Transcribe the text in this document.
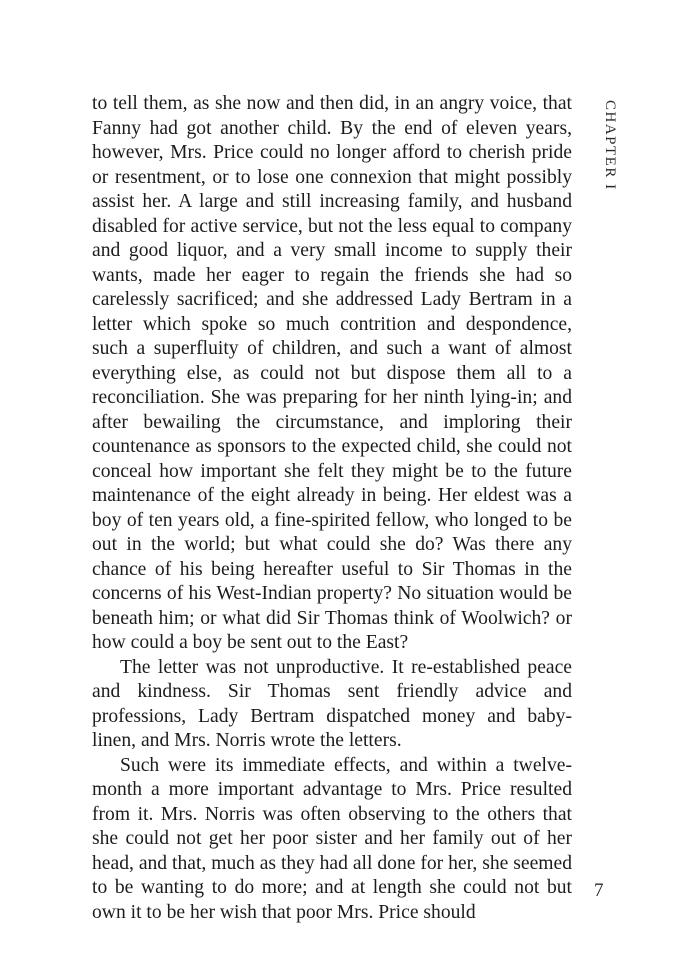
CHAPTER I

to tell them, as she now and then did, in an angry voice, that Fanny had got another child. By the end of eleven years, however, Mrs. Price could no longer afford to cherish pride or resentment, or to lose one connexion that might possibly assist her. A large and still increasing family, and husband disabled for active service, but not the less equal to company and good liquor, and a very small income to supply their wants, made her eager to regain the friends she had so carelessly sacrificed; and she addressed Lady Bertram in a letter which spoke so much contrition and despondence, such a superfluity of children, and such a want of almost everything else, as could not but dispose them all to a reconciliation. She was preparing for her ninth lying-in; and after bewailing the circumstance, and imploring their countenance as sponsors to the expected child, she could not conceal how important she felt they might be to the future maintenance of the eight already in being. Her eldest was a boy of ten years old, a fine-spirited fellow, who longed to be out in the world; but what could she do? Was there any chance of his being hereafter useful to Sir Thomas in the concerns of his West-Indian property? No situation would be beneath him; or what did Sir Thomas think of Woolwich? or how could a boy be sent out to the East?

The letter was not unproductive. It re-established peace and kindness. Sir Thomas sent friendly advice and professions, Lady Bertram dispatched money and baby-linen, and Mrs. Norris wrote the letters.

Such were its immediate effects, and within a twelve-month a more important advantage to Mrs. Price resulted from it. Mrs. Norris was often observing to the others that she could not get her poor sister and her family out of her head, and that, much as they had all done for her, she seemed to be wanting to do more; and at length she could not but own it to be her wish that poor Mrs. Price should

7
